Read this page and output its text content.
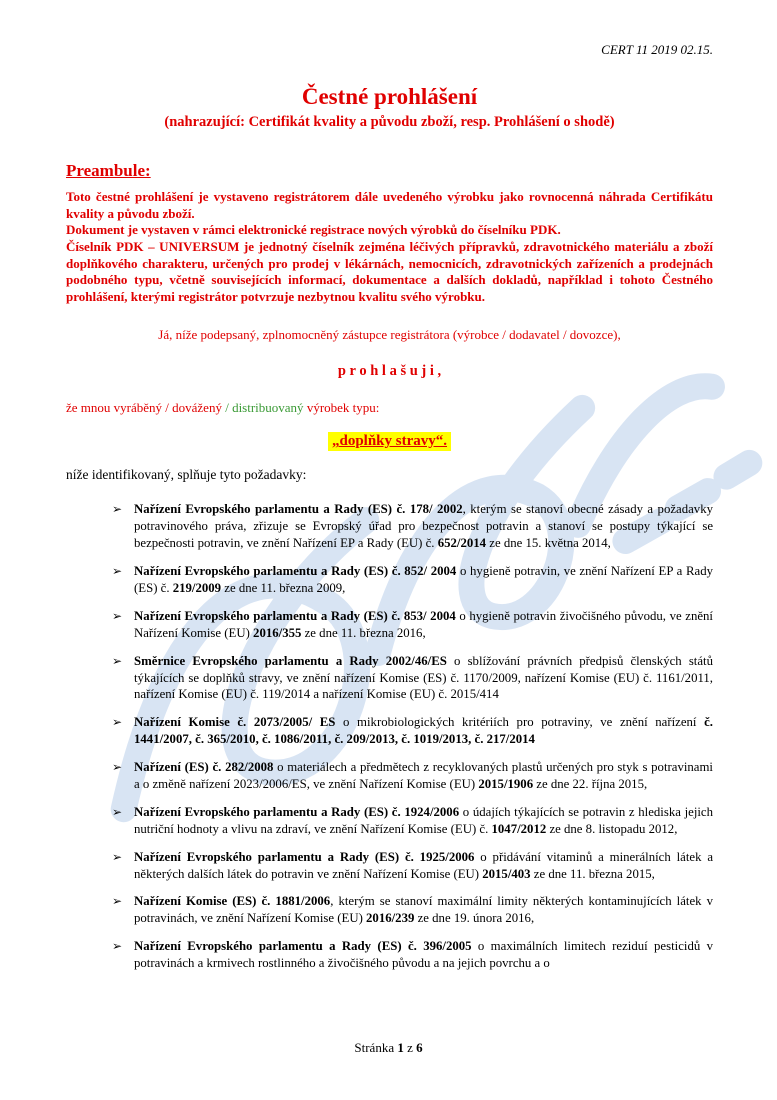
CERT 11 2019 02.15.
Čestné prohlášení
(nahrazující: Certifikát kvality a původu zboží, resp. Prohlášení o shodě)
Preambule:

Toto čestné prohlášení je vystaveno registrátorem dále uvedeného výrobku jako rovnocenná náhrada Certifikátu kvality a původu zboží.

Dokument je vystaven v rámci elektronické registrace nových výrobků do číselníku PDK.

Číselník PDK – UNIVERSUM je jednotný číselník zejména léčivých přípravků, zdravotnického materiálu a zboží doplňkového charakteru, určených pro prodej v lékárnách, nemocnicích, zdravotnických zařízeních a prodejnách podobného typu, včetně souvisejících informací, dokumentace a dalších dokladů, například i tohoto Čestného prohlášení, kterými registrátor potvrzuje nezbytnou kvalitu svého výrobku.

Já, níže podepsaný, zplnomocněný zástupce registrátora (výrobce / dodavatel / dovozce),
p r o h l a š u j i ,
že mnou vyráběný / dovážený / distribuovaný výrobek typu:
„doplňky stravy“.
níže identifikovaný, splňuje tyto požadavky:
➢ Nařízení Evropského parlamentu a Rady (ES) č. 178/ 2002, kterým se stanoví obecné zásady a požadavky potravinového práva, zřizuje se Evropský úřad pro bezpečnost potravin a stanoví se postupy týkající se bezpečnosti potravin, ve znění Nařízení EP a Rady (EU) č. 652/2014 ze dne 15. května 2014,
➢ Nařízení Evropského parlamentu a Rady (ES) č. 852/ 2004 o hygieně potravin, ve znění Nařízení EP a Rady (ES) č. 219/2009 ze dne 11. března 2009,
➢ Nařízení Evropského parlamentu a Rady (ES) č. 853/ 2004 o hygieně potravin živočišného původu, ve znění Nařízení Komise (EU) 2016/355 ze dne 11. března 2016,
➢ Směrnice Evropského parlamentu a Rady 2002/46/ES o sblížování právních předpisů členských států týkajících se doplňků stravy, ve znění nařízení Komise (ES) č. 1170/2009, nařízení Komise (EU) č. 1161/2011, nařízení Komise (EU) č. 119/2014 a nařízení Komise (EU) č. 2015/414
➢ Nařízení Komise č. 2073/2005/ ES o mikrobiologických kritériích pro potraviny, ve znění nařízení č. 1441/2007, č. 365/2010, č. 1086/2011, č. 209/2013, č. 1019/2013, č. 217/2014
➢ Nařízení (ES) č. 282/2008 o materiálech a předmětech z recyklovaných plastů určených pro styk s potravinami a o změně nařízení 2023/2006/ES, ve znění Nařízení Komise (EU) 2015/1906 ze dne 22. října 2015,
➢ Nařízení Evropského parlamentu a Rady (ES) č. 1924/2006 o údajích týkajících se potravin z hlediska jejich nutriční hodnoty a vlivu na zdraví, ve znění Nařízení Komise (EU) č. 1047/2012 ze dne 8. listopadu 2012,
➢ Nařízení Evropského parlamentu a Rady (ES) č. 1925/2006 o přidávání vitaminů a minerálních látek a některých dalších látek do potravin ve znění Nařízení Komise (EU) 2015/403 ze dne 11. března 2015,
➢ Nařízení Komise (ES) č. 1881/2006, kterým se stanoví maximální limity některých kontaminujících látek v potravinách, ve znění Nařízení Komise (EU) 2016/239 ze dne 19. února 2016,
➢ Nařízení Evropského parlamentu a Rady (ES) č. 396/2005 o maximálních limitech reziduí pesticidů v potravinách a krmivech rostlinného a živočišného původu a na jejich povrchu a o
Stránka 1 z 6
